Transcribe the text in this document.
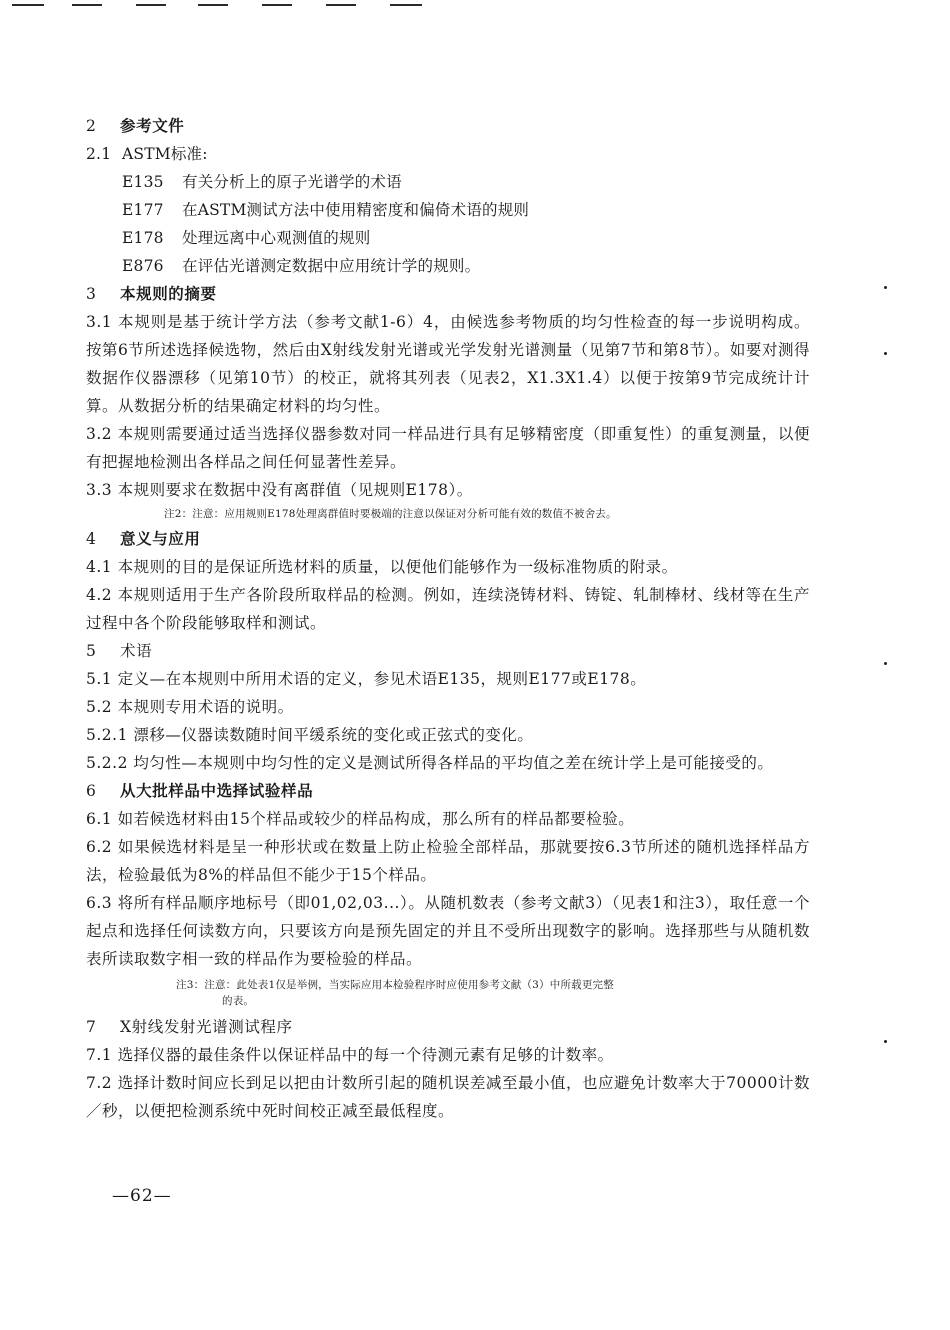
2 参考文件
2.1 ASTM标准:
E135 有关分析上的原子光谱学的术语
E177 在ASTM测试方法中使用精密度和偏倚术语的规则
E178 处理远离中心观测值的规则
E876 在评估光谱测定数据中应用统计学的规则。
3 本规则的摘要
3.1 本规则是基于统计学方法（参考文献1-6）4，由候选参考物质的均匀性检查的每一步说明构成。按第6节所述选择候选物，然后由X射线发射光谱或光学发射光谱测量（见第7节和第8节）。如要对测得数据作仪器漂移（见第10节）的校正，就将其列表（见表2，X1.3X1.4）以便于按第9节完成统计计算。从数据分析的结果确定材料的均匀性。
3.2 本规则需要通过适当选择仪器参数对同一样品进行具有足够精密度（即重复性）的重复测量，以便有把握地检测出各样品之间任何显著性差异。
3.3 本规则要求在数据中没有离群值（见规则E178）。
注2：注意：应用规则E178处理离群值时要极端的注意以保证对分析可能有效的数值不被舍去。
4 意义与应用
4.1 本规则的目的是保证所选材料的质量，以便他们能够作为一级标准物质的附录。
4.2 本规则适用于生产各阶段所取样品的检测。例如，连续浇铸材料、铸锭、轧制棒材、线材等在生产过程中各个阶段能够取样和测试。
5 术语
5.1 定义—在本规则中所用术语的定义，参见术语E135，规则E177或E178。
5.2 本规则专用术语的说明。
5.2.1 漂移—仪器读数随时间平缓系统的变化或正弦式的变化。
5.2.2 均匀性—本规则中均匀性的定义是测试所得各样品的平均值之差在统计学上是可能接受的。
6 从大批样品中选择试验样品
6.1 如若候选材料由15个样品或较少的样品构成，那么所有的样品都要检验。
6.2 如果候选材料是呈一种形状或在数量上防止检验全部样品，那就要按6.3节所述的随机选择样品方法，检验最低为8%的样品但不能少于15个样品。
6.3 将所有样品顺序地标号（即01,02,03...）。从随机数表（参考文献3）（见表1和注3），取任意一个起点和选择任何读数方向，只要该方向是预先固定的并且不受所出现数字的影响。选择那些与从随机数表所读取数字相一致的样品作为要检验的样品。
注3：注意：此处表1仅是举例，当实际应用本检验程序时应使用参考文献（3）中所载更完整
的表。
7 X射线发射光谱测试程序
7.1 选择仪器的最佳条件以保证样品中的每一个待测元素有足够的计数率。
7.2 选择计数时间应长到足以把由计数所引起的随机误差减至最小值，也应避免计数率大于70000计数／秒，以便把检测系统中死时间校正减至最低程度。
—62—
